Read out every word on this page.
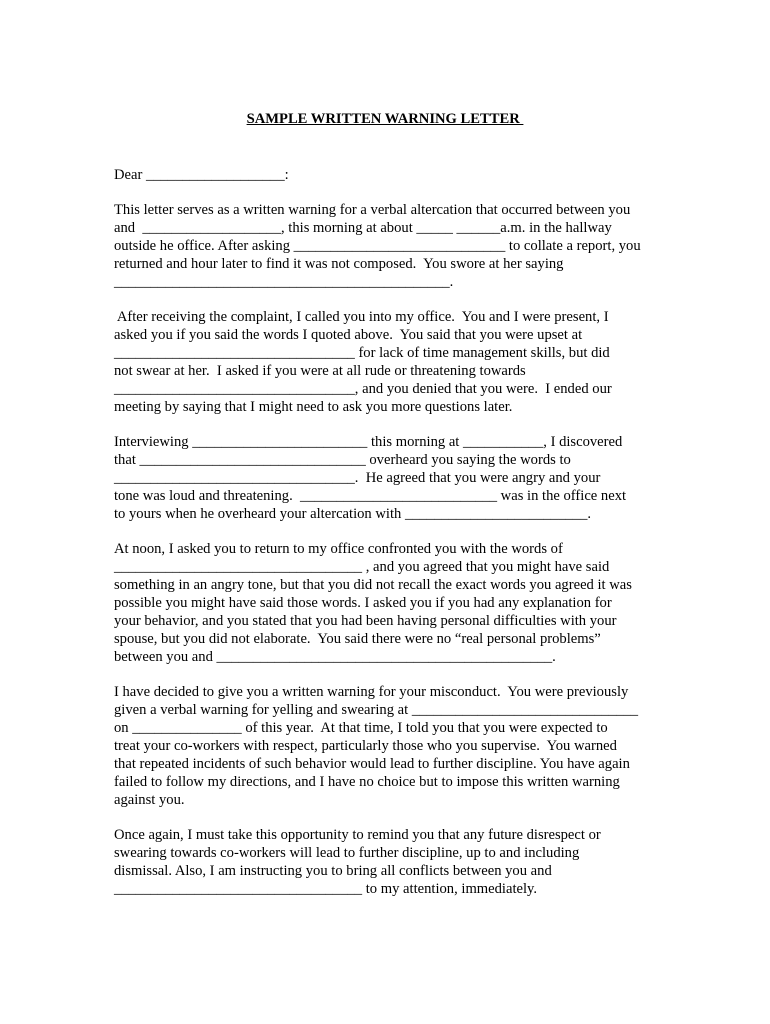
SAMPLE WRITTEN WARNING LETTER
Dear ___________________:
This letter serves as a written warning for a verbal altercation that occurred between you
and  ___________________, this morning at about _____ ______a.m. in the hallway
outside he office. After asking _____________________________ to collate a report, you
returned and hour later to find it was not composed.  You swore at her saying
______________________________________________.
After receiving the complaint, I called you into my office.  You and I were present, I
asked you if you said the words I quoted above.  You said that you were upset at
_________________________________ for lack of time management skills, but did
not swear at her.  I asked if you were at all rude or threatening towards
_________________________________, and you denied that you were.  I ended our
meeting by saying that I might need to ask you more questions later.
Interviewing ________________________ this morning at ___________, I discovered
that _______________________________ overheard you saying the words to
_________________________________.  He agreed that you were angry and your
tone was loud and threatening.  ___________________________ was in the office next
to yours when he overheard your altercation with _________________________.
At noon, I asked you to return to my office confronted you with the words of
__________________________________ , and you agreed that you might have said
something in an angry tone, but that you did not recall the exact words you agreed it was
possible you might have said those words. I asked you if you had any explanation for
your behavior, and you stated that you had been having personal difficulties with your
spouse, but you did not elaborate.  You said there were no “real personal problems”
between you and ______________________________________________.
I have decided to give you a written warning for your misconduct.  You were previously
given a verbal warning for yelling and swearing at _______________________________
on _______________ of this year.  At that time, I told you that you were expected to
treat your co-workers with respect, particularly those who you supervise.  You warned
that repeated incidents of such behavior would lead to further discipline. You have again
failed to follow my directions, and I have no choice but to impose this written warning
against you.
Once again, I must take this opportunity to remind you that any future disrespect or
swearing towards co-workers will lead to further discipline, up to and including
dismissal. Also, I am instructing you to bring all conflicts between you and
__________________________________ to my attention, immediately.
